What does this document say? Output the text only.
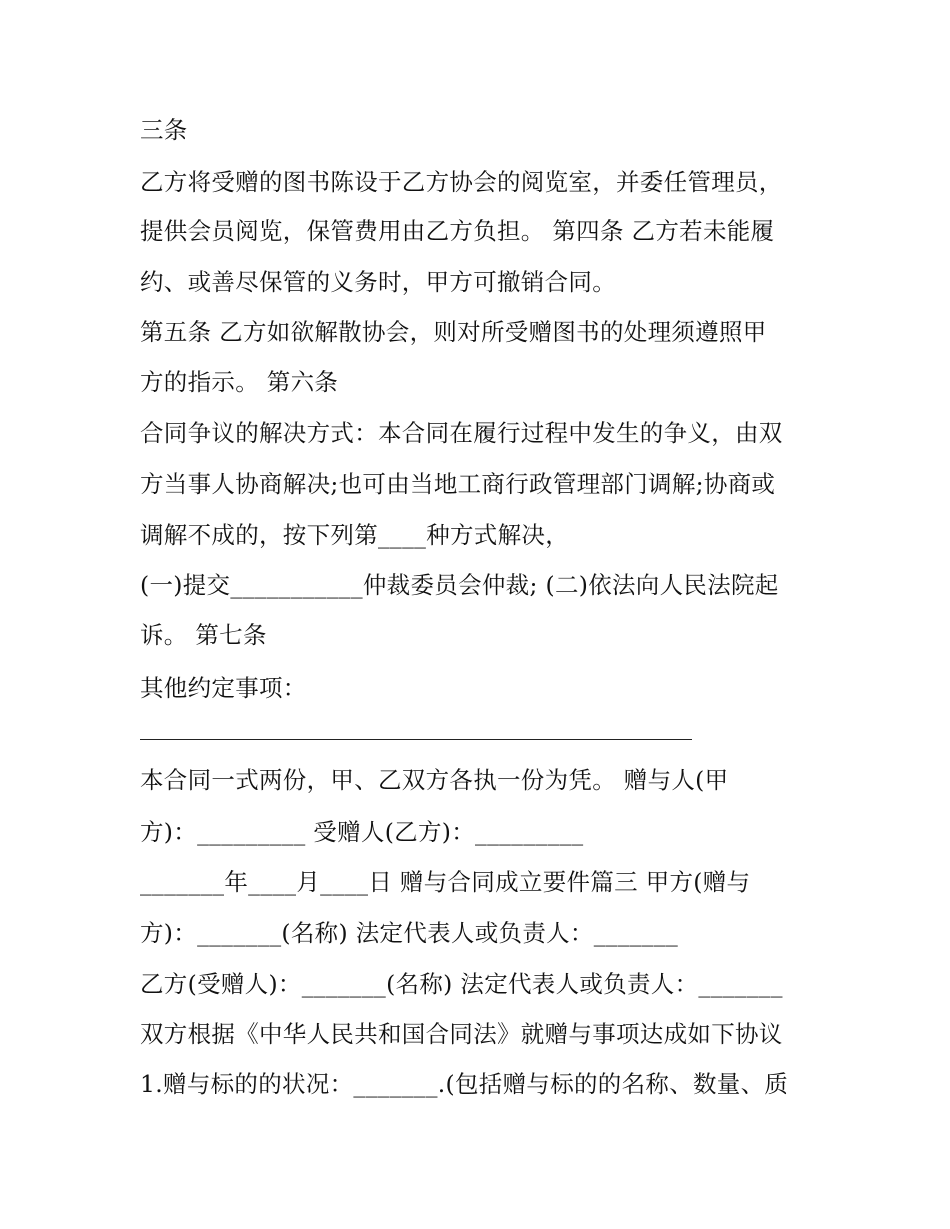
三条
乙方将受赠的图书陈设于乙方协会的阅览室，并委任管理员，
提供会员阅览，保管费用由乙方负担。 第四条 乙方若未能履
约、或善尽保管的义务时，甲方可撤销合同。
第五条 乙方如欲解散协会，则对所受赠图书的处理须遵照甲
方的指示。 第六条
合同争议的解决方式：本合同在履行过程中发生的争义，由双
方当事人协商解决;也可由当地工商行政管理部门调解;协商或
调解不成的，按下列第____种方式解决，
(一)提交___________仲裁委员会仲裁; (二)依法向人民法院起
诉。 第七条
其他约定事项：
本合同一式两份，甲、乙双方各执一份为凭。 赠与人(甲
方)：_________ 受赠人(乙方)：_________
_______年____月____日 赠与合同成立要件篇三 甲方(赠与
方)：_______(名称) 法定代表人或负责人：_______
乙方(受赠人)：_______(名称) 法定代表人或负责人：_______
双方根据《中华人民共和国合同法》就赠与事项达成如下协议
1.赠与标的的状况：_______.(包括赠与标的的名称、数量、质
